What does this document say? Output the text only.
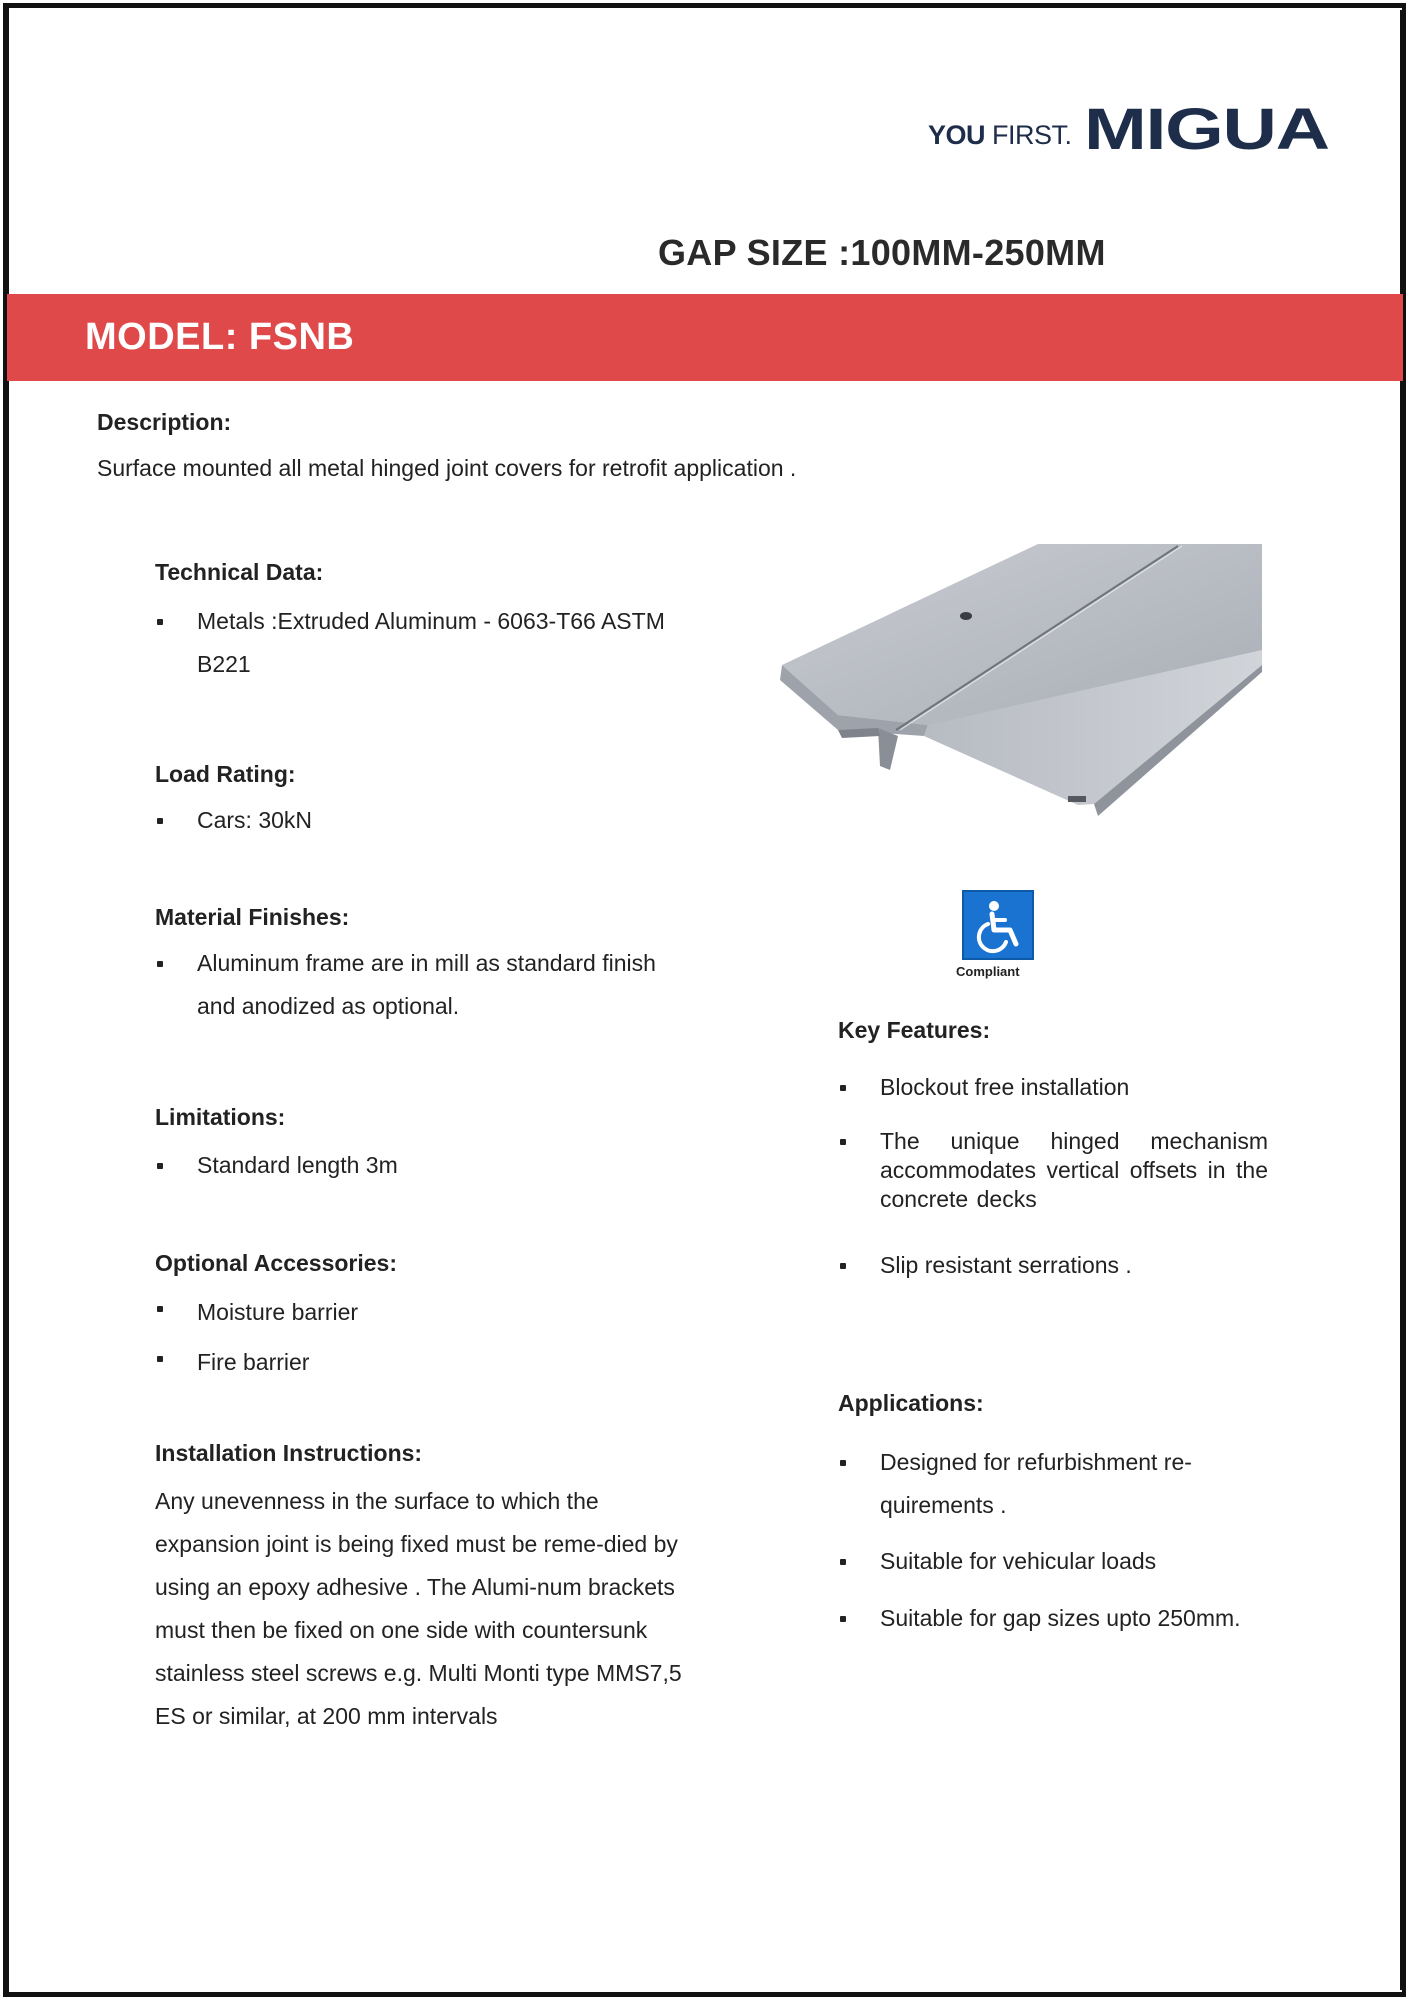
YOU FIRST. MIGUA
GAP SIZE :100MM-250MM
MODEL: FSNB
Description:
Surface mounted all metal hinged joint covers for retrofit application .
Technical Data:
Metals :Extruded Aluminum - 6063-T66 ASTM B221
Load Rating:
Cars: 30kN
Material Finishes:
Aluminum frame are in mill as standard finish and anodized as optional.
Limitations:
Standard length 3m
Optional Accessories:
Moisture barrier
Fire barrier
Installation Instructions:
Any unevenness in the surface to which the expansion joint is being fixed must be reme-died by using an epoxy adhesive . The Alumi-num brackets must then be fixed on one side with countersunk stainless steel screws e.g. Multi Monti type MMS7,5 ES or similar, at 200 mm intervals
Compliant
Key Features:
Blockout free installation
The unique hinged mechanism accommodates vertical offsets in the concrete decks
Slip resistant serrations .
Applications:
Designed for refurbishment re-quirements .
Suitable for vehicular loads
Suitable for gap sizes upto 250mm.
